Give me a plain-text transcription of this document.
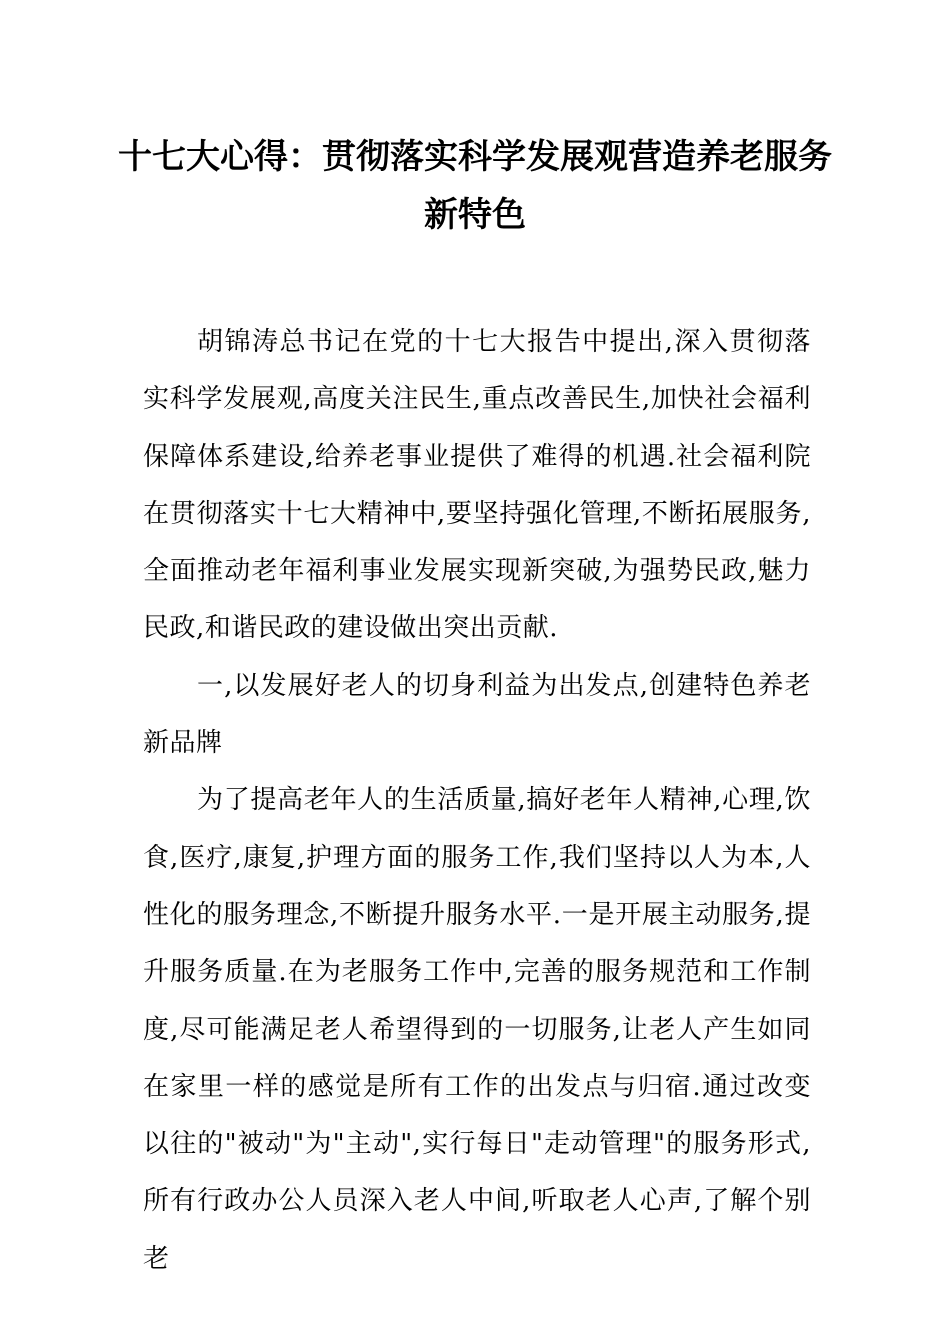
十七大心得：贯彻落实科学发展观营造养老服务新特色

胡锦涛总书记在党的十七大报告中提出,深入贯彻落实科学发展观,高度关注民生,重点改善民生,加快社会福利保障体系建设,给养老事业提供了难得的机遇.社会福利院在贯彻落实十七大精神中,要坚持强化管理,不断拓展服务,全面推动老年福利事业发展实现新突破,为强势民政,魅力民政,和谐民政的建设做出突出贡献.

一,以发展好老人的切身利益为出发点,创建特色养老新品牌

为了提高老年人的生活质量,搞好老年人精神,心理,饮食,医疗,康复,护理方面的服务工作,我们坚持以人为本,人性化的服务理念,不断提升服务水平.一是开展主动服务,提升服务质量.在为老服务工作中,完善的服务规范和工作制度,尽可能满足老人希望得到的一切服务,让老人产生如同在家里一样的感觉是所有工作的出发点与归宿.通过改变以往的"被动"为"主动",实行每日"走动管理"的服务形式,所有行政办公人员深入老人中间,听取老人心声,了解个别老
